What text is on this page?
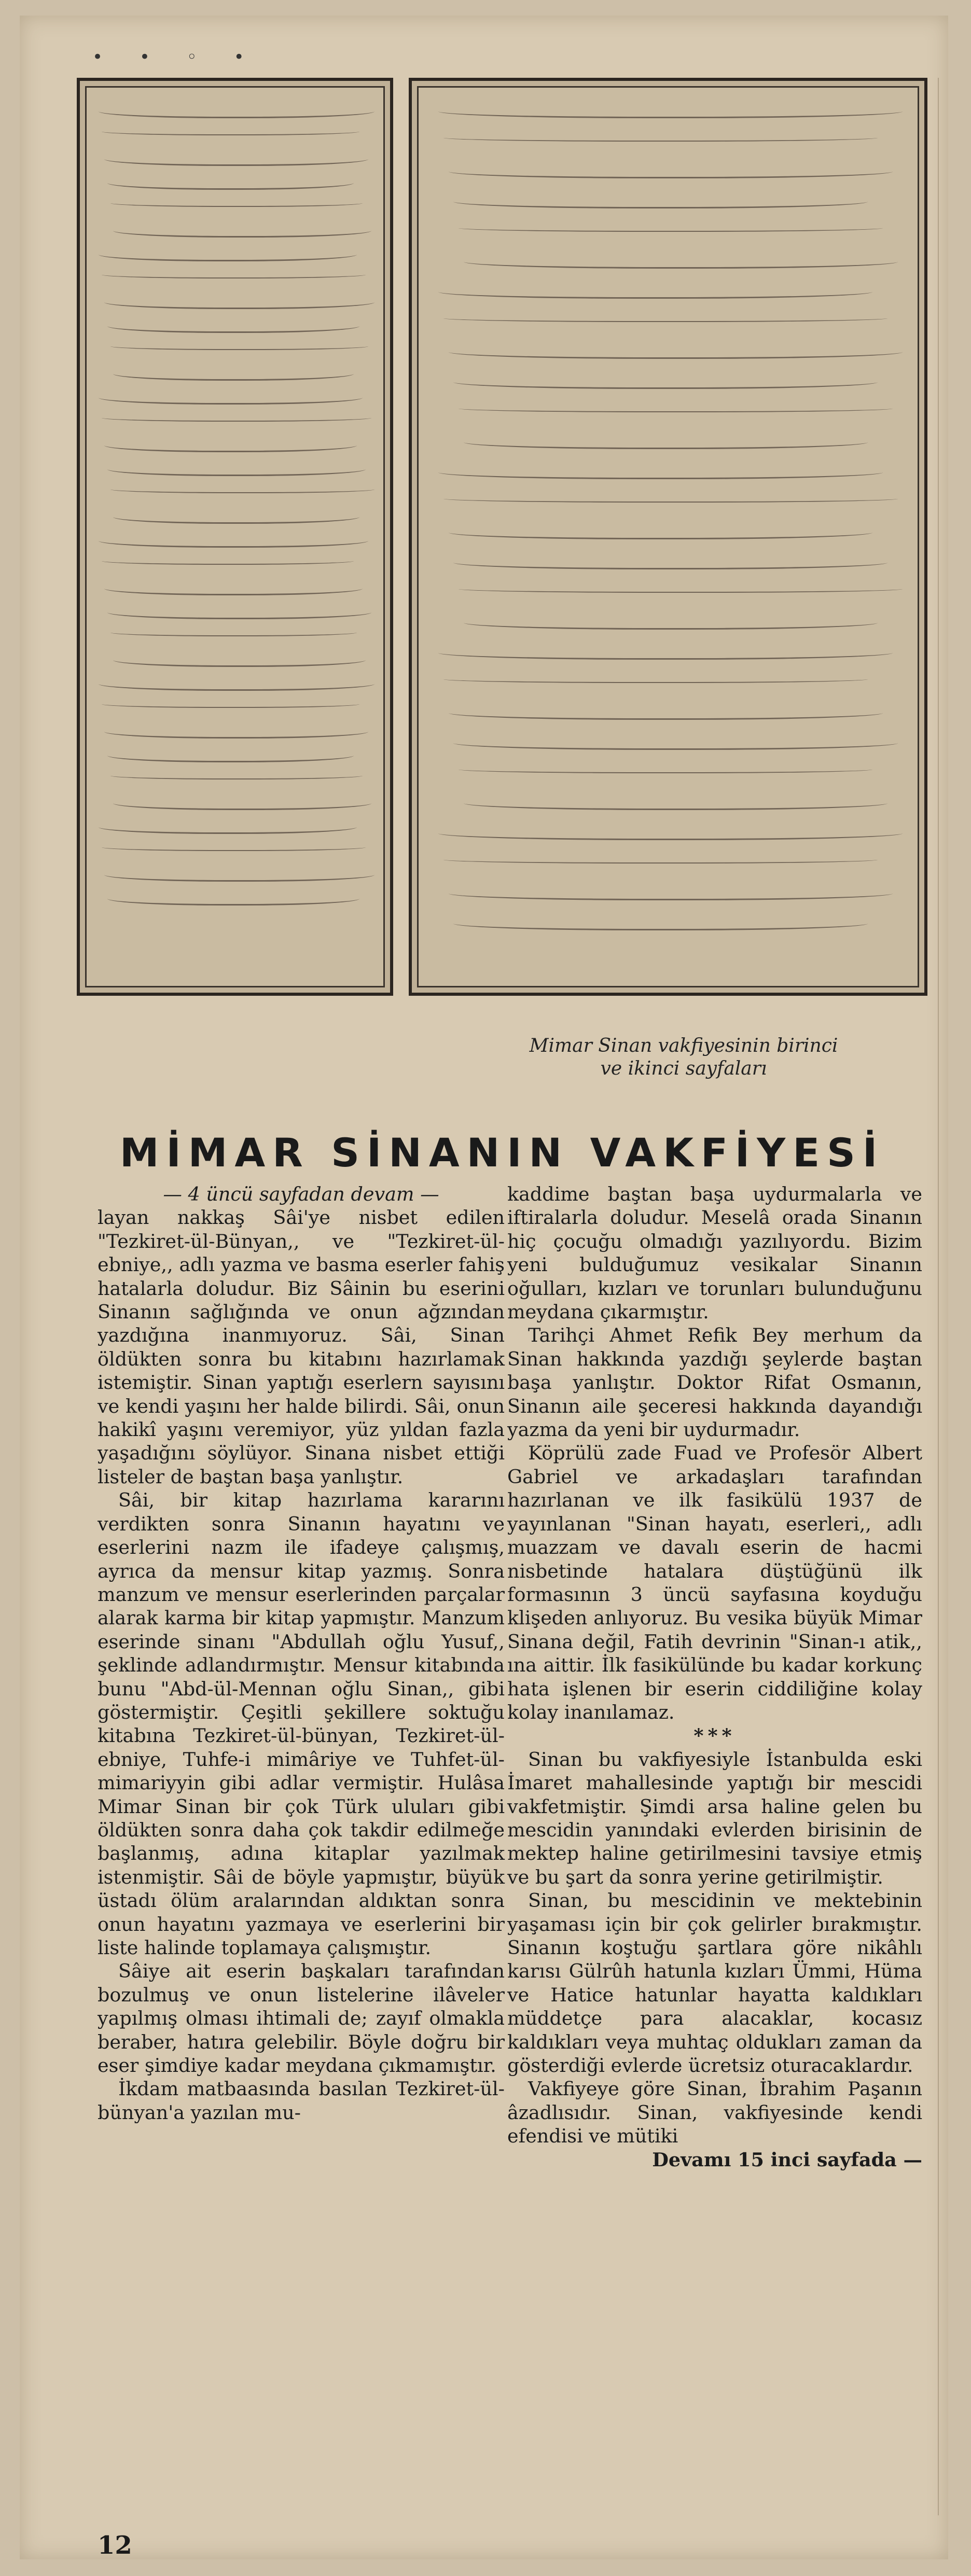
• • ◦ •
Mimar Sinan vakfiyesinin birinci
ve ikinci sayfaları
MİMAR SİNANIN VAKFİYESİ

— 4 üncü sayfadan devam —

layan nakkaş Sâi'ye nisbet edilen "Tezkiret-ül-Bünyan,, ve "Tezkiret-ül-ebniye,, adlı yazma ve basma eserler fahiş hatalarla doludur. Biz Sâinin bu eserini Sinanın sağlığında ve onun ağzından yazdığına inanmıyoruz. Sâi, Sinan öldükten sonra bu kitabını hazırlamak istemiştir. Sinan yaptığı eserlern sayısını ve kendi yaşını her halde bilirdi. Sâi, onun hakikî yaşını veremiyor, yüz yıldan fazla yaşadığını söylüyor. Sinana nisbet ettiği listeler de baştan başa yanlıştır.

Sâi, bir kitap hazırlama kararını verdikten sonra Sinanın hayatını ve eserlerini nazm ile ifadeye çalışmış, ayrıca da mensur kitap yazmış. Sonra manzum ve mensur eserlerinden parçalar alarak karma bir kitap yapmıştır. Manzum eserinde sinanı "Abdullah oğlu Yusuf,, şeklinde adlandırmıştır. Mensur kitabında bunu "Abd-ül-Mennan oğlu Sinan,, gibi göstermiştir. Çeşitli şekillere soktuğu kitabına Tezkiret-ül-bünyan, Tezkiret-ül-ebniye, Tuhfe-i mimâriye ve Tuhfet-ül-mimariyyin gibi adlar vermiştir. Hulâsa Mimar Sinan bir çok Türk uluları gibi öldükten sonra daha çok takdir edilmeğe başlanmış, adına kitaplar yazılmak istenmiştir. Sâi de böyle yapmıştır, büyük üstadı ölüm aralarından aldıktan sonra onun hayatını yazmaya ve eserlerini bir liste halinde toplamaya çalışmıştır.

Sâiye ait eserin başkaları tarafından bozulmuş ve onun listelerine ilâveler yapılmış olması ihtimali de; zayıf olmakla beraber, hatıra gelebilir. Böyle doğru bir eser şimdiye kadar meydana çıkmamıştır.

İkdam matbaasında basılan Tezkiret-ül-bünyan'a yazılan mu-

kaddime baştan başa uydurmalarla ve iftiralarla doludur. Meselâ orada Sinanın hiç çocuğu olmadığı yazılıyordu. Bizim yeni bulduğumuz vesikalar Sinanın oğulları, kızları ve torunları bulunduğunu meydana çıkarmıştır.

Tarihçi Ahmet Refik Bey merhum da Sinan hakkında yazdığı şeylerde baştan başa yanlıştır. Doktor Rifat Osmanın, Sinanın aile şeceresi hakkında dayandığı yazma da yeni bir uydurmadır.

Köprülü zade Fuad ve Profesör Albert Gabriel ve arkadaşları tarafından hazırlanan ve ilk fasikülü 1937 de yayınlanan "Sinan hayatı, eserleri,, adlı muazzam ve davalı eserin de hacmi nisbetinde hatalara düştüğünü ilk formasının 3 üncü sayfasına koyduğu klişeden anlıyoruz. Bu vesika büyük Mimar Sinana değil, Fatih devrinin "Sinan-ı atik,, ına aittir. İlk fasikülünde bu kadar korkunç hata işlenen bir eserin ciddiliğine kolay kolay inanılamaz.

***

Sinan bu vakfiyesiyle İstanbulda eski İmaret mahallesinde yaptığı bir mescidi vakfetmiştir. Şimdi arsa haline gelen bu mescidin yanındaki evlerden birisinin de mektep haline getirilmesini tavsiye etmiş ve bu şart da sonra yerine getirilmiştir.

Sinan, bu mescidinin ve mektebinin yaşaması için bir çok gelirler bırakmıştır. Sinanın koştuğu şartlara göre nikâhlı karısı Gülrûh hatunla kızları Ümmi, Hüma ve Hatice hatunlar hayatta kaldıkları müddetçe para alacaklar, kocasız kaldıkları veya muhtaç oldukları zaman da gösterdiği evlerde ücretsiz oturacaklardır.

Vakfiyeye göre Sinan, İbrahim Paşanın âzadlısıdır. Sinan, vakfiyesinde kendi efendisi ve mütiki

Devamı 15 inci sayfada —

12
